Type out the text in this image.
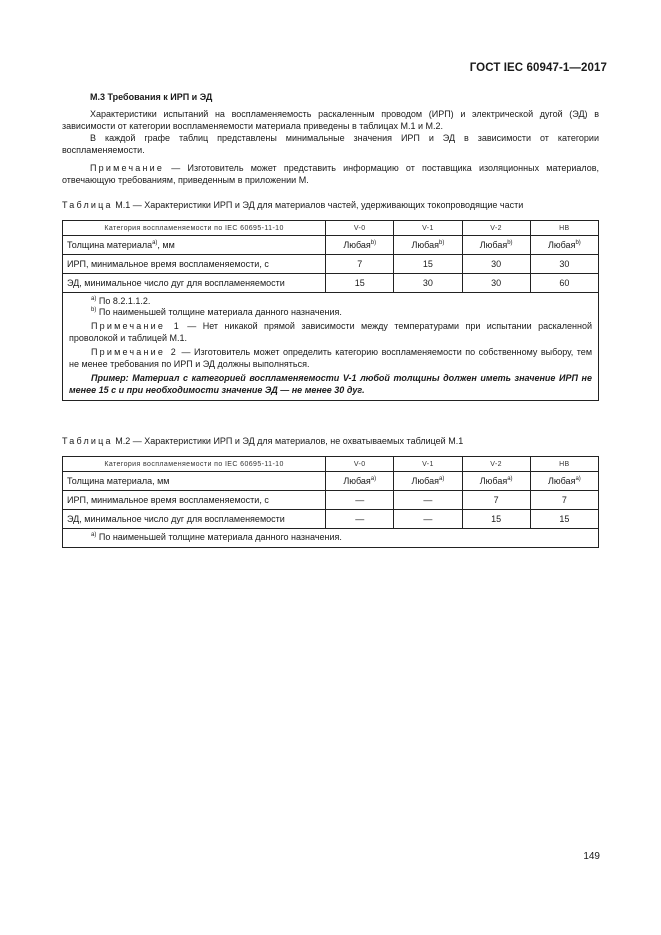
ГОСТ IEC 60947-1—2017
М.3 Требования к ИРП и ЭД
Характеристики испытаний на воспламеняемость раскаленным проводом (ИРП) и электрической дугой (ЭД) в зависимости от категории воспламеняемости материала приведены в таблицах М.1 и М.2.
В каждой графе таблиц представлены минимальные значения ИРП и ЭД в зависимости от категории воспламеняемости.
Примечание — Изготовитель может представить информацию от поставщика изоляционных материалов, отвечающую требованиям, приведенным в приложении М.
Таблица М.1 — Характеристики ИРП и ЭД для материалов частей, удерживающих токопроводящие части
Категория воспламеняемости по IEC 60695-11-10	V-0	V-1	V-2	HB
Толщина материала$^{a)}$, мм	Любая$^{b)}$	Любая$^{b)}$	Любая$^{b)}$	Любая$^{b)}$
ИРП, минимальное время воспламеняемости, с	7	15	30	30
ЭД, минимальное число дуг для воспламеняемости	15	30	30	60

$^{a)}$ По 8.2.1.1.2.
$^{b)}$ По наименьшей толщине материала данного назначения.
Примечание 1 — Нет никакой прямой зависимости между температурами при испытании раскаленной проволокой и таблицей М.1.
Примечание 2 — Изготовитель может определить категорию воспламеняемости по собственному выбору, тем не менее требования по ИРП и ЭД должны выполняться.
Пример: Материал с категорией воспламеняемости V-1 любой толщины должен иметь значение ИРП не менее 15 с и при необходимости значение ЭД — не менее 30 дуг.				
Таблица М.2 — Характеристики ИРП и ЭД для материалов, не охватываемых таблицей М.1
Категория воспламеняемости по IEC 60695-11-10	V-0	V-1	V-2	HB
Толщина материала, мм	Любая$^{a)}$	Любая$^{a)}$	Любая$^{a)}$	Любая$^{a)}$
ИРП, минимальное время воспламеняемости, с	—	—	7	7
ЭД, минимальное число дуг для воспламеняемости	—	—	15	15

$^{a)}$ По наименьшей толщине материала данного назначения.				
149
